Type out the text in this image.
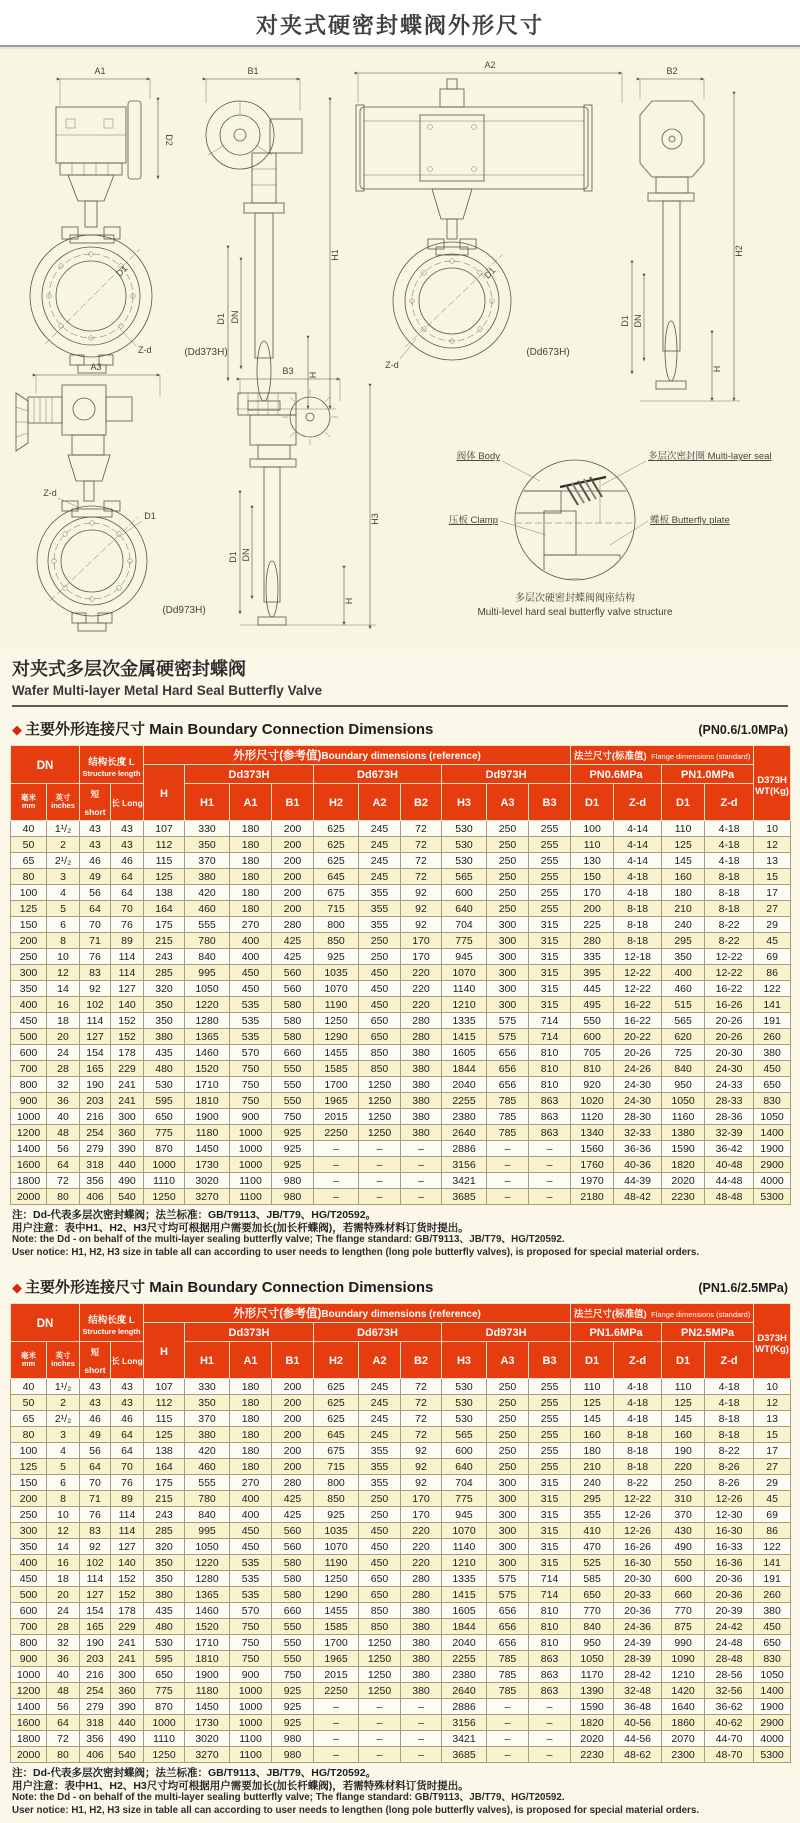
对夹式硬密封蝶阀外形尺寸
A1
D2
D1
Z-d
B1
D1 DN
H1
H
(Dd373H)
A2
D1
Z-d
(Dd673H)
B2
D1 DN
H2
H
A3
Z-d
D1
(Dd973H)
B3
D1 DN
H3
H
阀体 Body	多层次密封圈 Multi-layer seal
压板 Clamp	蝶板 Butterfly plate
多层次硬密封蝶阀阀座结构
Multi-level hard seal butterfly valve structure

对夹式多层次金属硬密封蝶阀

Wafer Multi-layer Metal Hard Seal Butterfly Valve

◆ 主要外形连接尺寸 Main Boundary Connection Dimensions	(PN0.6/1.0MPa)
DN		结构长度 L
Structure length		外形尺寸(参考值)Boundary dimensions (reference)										法兰尺寸(标准值) Flange dimensions (standard)				D373H
WT(Kg)

				H	Dd373H			Dd673H			Dd973H			PN0.6MPa		PN1.0MPa		

毫米
mm	英寸
inches	短 short	长 Long		H1	A1	B1	H2	A2	B2	H3	A3	B3	D1	Z-d	D1	Z-d	
40	1¹/₂	43	43	107	330	180	200	625	245	72	530	250	255	100	4-14	110	4-18	10
50	2	43	43	112	350	180	200	625	245	72	530	250	255	110	4-14	125	4-18	12
65	2¹/₂	46	46	115	370	180	200	625	245	72	530	250	255	130	4-14	145	4-18	13
80	3	49	64	125	380	180	200	645	245	72	565	250	255	150	4-18	160	8-18	15
100	4	56	64	138	420	180	200	675	355	92	600	250	255	170	4-18	180	8-18	17
125	5	64	70	164	460	180	200	715	355	92	640	250	255	200	8-18	210	8-18	27
150	6	70	76	175	555	270	280	800	355	92	704	300	315	225	8-18	240	8-22	29
200	8	71	89	215	780	400	425	850	250	170	775	300	315	280	8-18	295	8-22	45
250	10	76	114	243	840	400	425	925	250	170	945	300	315	335	12-18	350	12-22	69
300	12	83	114	285	995	450	560	1035	450	220	1070	300	315	395	12-22	400	12-22	86
350	14	92	127	320	1050	450	560	1070	450	220	1140	300	315	445	12-22	460	16-22	122
400	16	102	140	350	1220	535	580	1190	450	220	1210	300	315	495	16-22	515	16-26	141
450	18	114	152	350	1280	535	580	1250	650	280	1335	575	714	550	16-22	565	20-26	191
500	20	127	152	380	1365	535	580	1290	650	280	1415	575	714	600	20-22	620	20-26	260
600	24	154	178	435	1460	570	660	1455	850	380	1605	656	810	705	20-26	725	20-30	380
700	28	165	229	480	1520	750	550	1585	850	380	1844	656	810	810	24-26	840	24-30	450
800	32	190	241	530	1710	750	550	1700	1250	380	2040	656	810	920	24-30	950	24-33	650
900	36	203	241	595	1810	750	550	1965	1250	380	2255	785	863	1020	24-30	1050	28-33	830
1000	40	216	300	650	1900	900	750	2015	1250	380	2380	785	863	1120	28-30	1160	28-36	1050
1200	48	254	360	775	1180	1000	925	2250	1250	380	2640	785	863	1340	32-33	1380	32-39	1400
1400	56	279	390	870	1450	1000	925	–	–	–	2886	–	–	1560	36-36	1590	36-42	1900
1600	64	318	440	1000	1730	1000	925	–	–	–	3156	–	–	1760	40-36	1820	40-48	2900
1800	72	356	490	1110	3020	1100	980	–	–	–	3421	–	–	1970	44-39	2020	44-48	4000
2000	80	406	540	1250	3270	1100	980	–	–	–	3685	–	–	2180	48-42	2230	48-48	5300

注：Dd-代表多层次密封蝶阀；法兰标准：GB/T9113、JB/T79、HG/T20592。

用户注意：表中H1、H2、H3尺寸均可根据用户需要加长(加长杆蝶阀)，若需特殊材料订货时提出。

Note: the Dd - on behalf of the multi-layer sealing butterfly valve; The flange standard: GB/T9113、JB/T79、HG/T20592.

User notice: H1, H2, H3 size in table all can according to user needs to lengthen (long pole butterfly valves), is proposed for special material orders.

◆ 主要外形连接尺寸 Main Boundary Connection Dimensions	(PN1.6/2.5MPa)
DN		结构长度 L
Structure length		外形尺寸(参考值)Boundary dimensions (reference)										法兰尺寸(标准值) Flange dimensions (standard)				D373H
WT(Kg)

				H	Dd373H			Dd673H			Dd973H			PN1.6MPa		PN2.5MPa		

毫米
mm	英寸
inches	短 short	长 Long		H1	A1	B1	H2	A2	B2	H3	A3	B3	D1	Z-d	D1	Z-d	
40	1¹/₂	43	43	107	330	180	200	625	245	72	530	250	255	110	4-18	110	4-18	10
50	2	43	43	112	350	180	200	625	245	72	530	250	255	125	4-18	125	4-18	12
65	2¹/₂	46	46	115	370	180	200	625	245	72	530	250	255	145	4-18	145	8-18	13
80	3	49	64	125	380	180	200	645	245	72	565	250	255	160	8-18	160	8-18	15
100	4	56	64	138	420	180	200	675	355	92	600	250	255	180	8-18	190	8-22	17
125	5	64	70	164	460	180	200	715	355	92	640	250	255	210	8-18	220	8-26	27
150	6	70	76	175	555	270	280	800	355	92	704	300	315	240	8-22	250	8-26	29
200	8	71	89	215	780	400	425	850	250	170	775	300	315	295	12-22	310	12-26	45
250	10	76	114	243	840	400	425	925	250	170	945	300	315	355	12-26	370	12-30	69
300	12	83	114	285	995	450	560	1035	450	220	1070	300	315	410	12-26	430	16-30	86
350	14	92	127	320	1050	450	560	1070	450	220	1140	300	315	470	16-26	490	16-33	122
400	16	102	140	350	1220	535	580	1190	450	220	1210	300	315	525	16-30	550	16-36	141
450	18	114	152	350	1280	535	580	1250	650	280	1335	575	714	585	20-30	600	20-36	191
500	20	127	152	380	1365	535	580	1290	650	280	1415	575	714	650	20-33	660	20-36	260
600	24	154	178	435	1460	570	660	1455	850	380	1605	656	810	770	20-36	770	20-39	380
700	28	165	229	480	1520	750	550	1585	850	380	1844	656	810	840	24-36	875	24-42	450
800	32	190	241	530	1710	750	550	1700	1250	380	2040	656	810	950	24-39	990	24-48	650
900	36	203	241	595	1810	750	550	1965	1250	380	2255	785	863	1050	28-39	1090	28-48	830
1000	40	216	300	650	1900	900	750	2015	1250	380	2380	785	863	1170	28-42	1210	28-56	1050
1200	48	254	360	775	1180	1000	925	2250	1250	380	2640	785	863	1390	32-48	1420	32-56	1400
1400	56	279	390	870	1450	1000	925	–	–	–	2886	–	–	1590	36-48	1640	36-62	1900
1600	64	318	440	1000	1730	1000	925	–	–	–	3156	–	–	1820	40-56	1860	40-62	2900
1800	72	356	490	1110	3020	1100	980	–	–	–	3421	–	–	2020	44-56	2070	44-70	4000
2000	80	406	540	1250	3270	1100	980	–	–	–	3685	–	–	2230	48-62	2300	48-70	5300

注：Dd-代表多层次密封蝶阀；法兰标准：GB/T9113、JB/T79、HG/T20592。

用户注意：表中H1、H2、H3尺寸均可根据用户需要加长(加长杆蝶阀)，若需特殊材料订货时提出。

Note: the Dd - on behalf of the multi-layer sealing butterfly valve; The flange standard: GB/T9113、JB/T79、HG/T20592.

User notice: H1, H2, H3 size in table all can according to user needs to lengthen (long pole butterfly valves), is proposed for special material orders.
